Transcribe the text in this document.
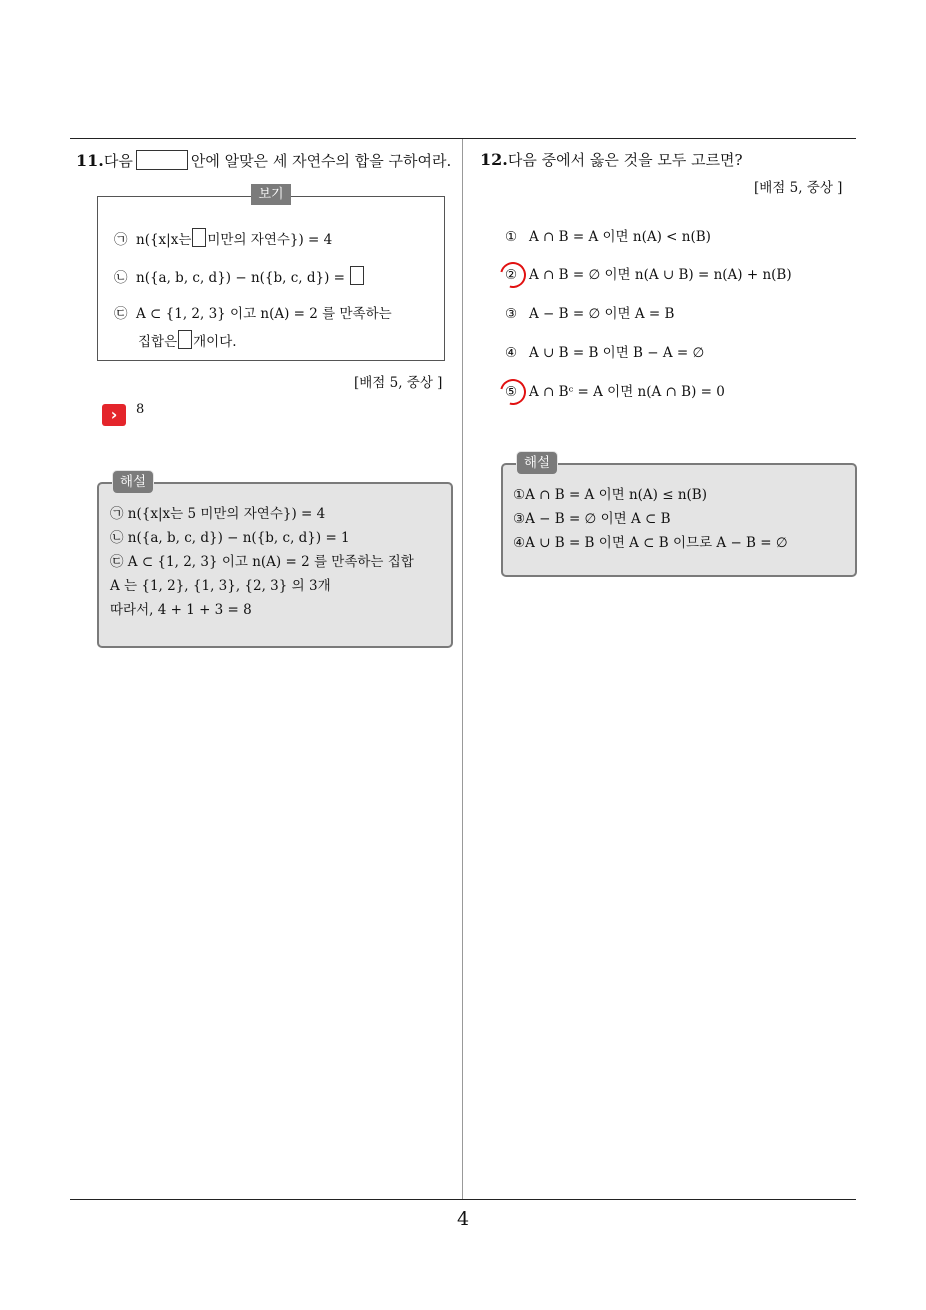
11.다음	안에 알맞은 세 자연수의 합을 구하여라.
보기
㉠ n({x|x는 미만의 자연수}) = 4
㉡ n({a, b, c, d}) − n({b, c, d}) =
㉢ A ⊂ {1, 2, 3} 이고 n(A) = 2 를 만족하는
집합은 개이다.
[배점 5, 중상 ]
›	8
해설
㉠ n({x|x는 5 미만의 자연수}) = 4
㉡ n({a, b, c, d}) − n({b, c, d}) = 1
㉢ A ⊂ {1, 2, 3} 이고 n(A) = 2 를 만족하는 집합
A 는 {1, 2}, {1, 3}, {2, 3} 의 3개
따라서, 4 + 1 + 3 = 8
12.다음 중에서 옳은 것을 모두 고르면?
[배점 5, 중상 ]
① A ∩ B = A 이면 n(A) < n(B)
② A ∩ B = ∅ 이면 n(A ∪ B) = n(A) + n(B)
③ A − B = ∅ 이면 A = B
④ A ∪ B = B 이면 B − A = ∅
⑤ A ∩ Bᶜ = A 이면 n(A ∩ B) = 0
해설
①A ∩ B = A 이면 n(A) ≤ n(B)
③A − B = ∅ 이면 A ⊂ B
④A ∪ B = B 이면 A ⊂ B 이므로 A − B = ∅
4
